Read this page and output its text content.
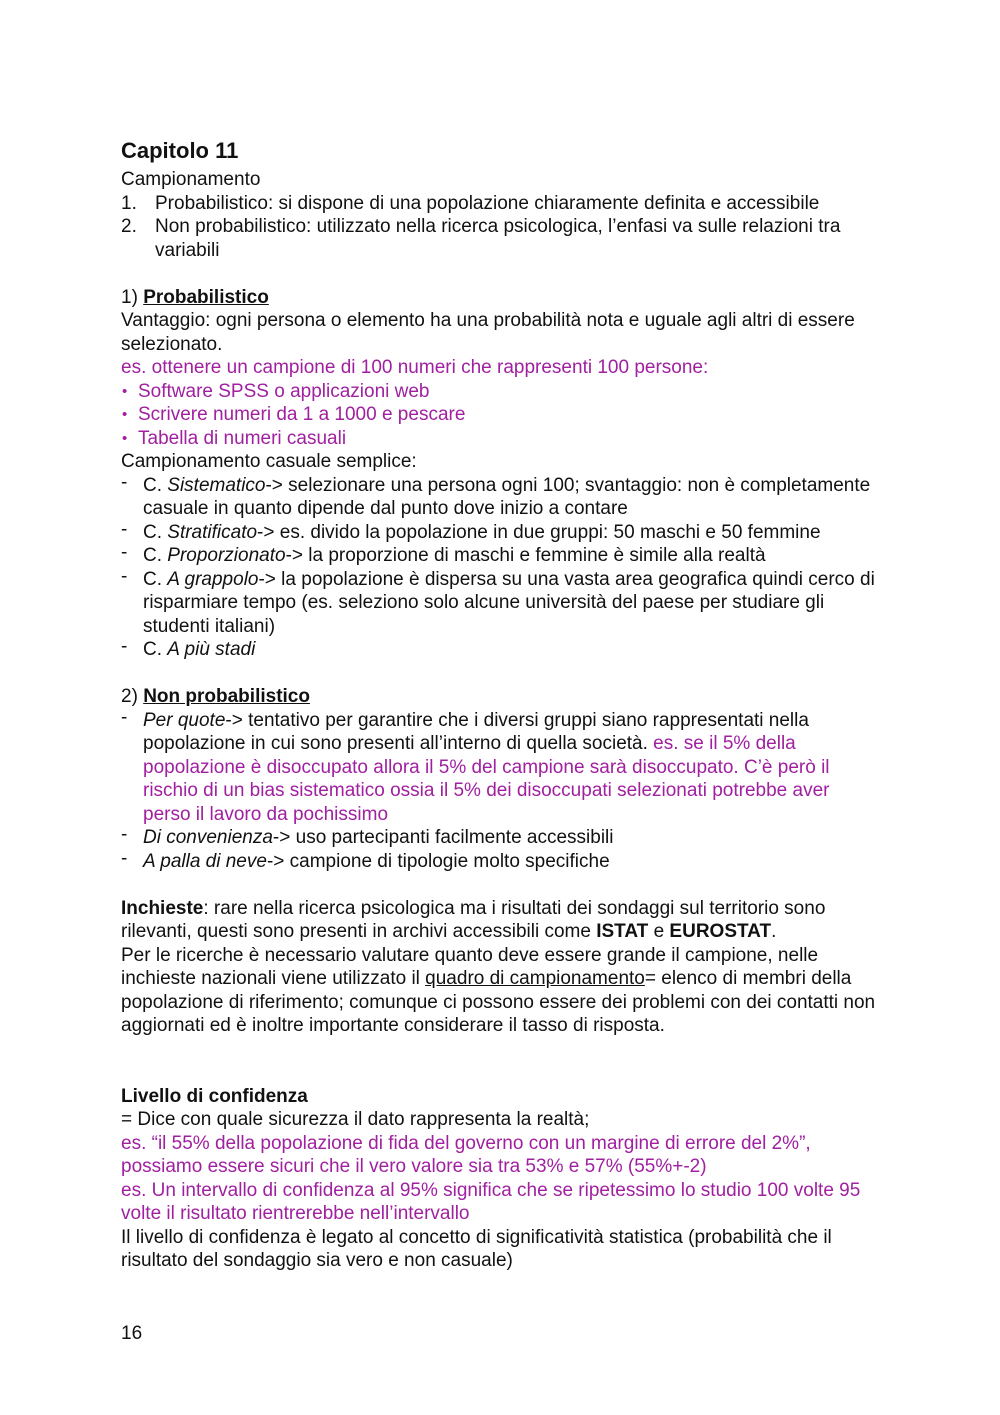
Capitolo 11

Campionamento

1. Probabilistico: si dispone di una popolazione chiaramente definita e accessibile
2. Non probabilistico: utilizzato nella ricerca psicologica, l’enfasi va sulle relazioni tra variabili

1) Probabilistico

Vantaggio: ogni persona o elemento ha una probabilità nota e uguale agli altri di essere selezionato.

es. ottenere un campione di 100 numeri che rappresenti 100 persone:

• Software SPSS o applicazioni web
• Scrivere numeri da 1 a 1000 e pescare
• Tabella di numeri casuali

Campionamento casuale semplice:

- C. Sistematico-> selezionare una persona ogni 100; svantaggio: non è completamente casuale in quanto dipende dal punto dove inizio a contare
- C. Stratificato-> es. divido la popolazione in due gruppi: 50 maschi e 50 femmine
- C. Proporzionato-> la proporzione di maschi e femmine è simile alla realtà
- C. A grappolo-> la popolazione è dispersa su una vasta area geografica quindi cerco di risparmiare tempo (es. seleziono solo alcune università del paese per studiare gli studenti italiani)
- C. A più stadi

2) Non probabilistico

- Per quote-> tentativo per garantire che i diversi gruppi siano rappresentati nella popolazione in cui sono presenti all’interno di quella società. es. se il 5% della popolazione è disoccupato allora il 5% del campione sarà disoccupato. C’è però il rischio di un bias sistematico ossia il 5% dei disoccupati selezionati potrebbe aver perso il lavoro da pochissimo
- Di convenienza-> uso partecipanti facilmente accessibili
- A palla di neve-> campione di tipologie molto specifiche

Inchieste: rare nella ricerca psicologica ma i risultati dei sondaggi sul territorio sono rilevanti, questi sono presenti in archivi accessibili come ISTAT e EUROSTAT.

Per le ricerche è necessario valutare quanto deve essere grande il campione, nelle inchieste nazionali viene utilizzato il quadro di campionamento= elenco di membri della popolazione di riferimento; comunque ci possono essere dei problemi con dei contatti non aggiornati ed è inoltre importante considerare il tasso di risposta.

Livello di confidenza

= Dice con quale sicurezza il dato rappresenta la realtà;

es. “il 55% della popolazione di fida del governo con un margine di errore del 2%”, possiamo essere sicuri che il vero valore sia tra 53% e 57% (55%+-2)

es. Un intervallo di confidenza al 95% significa che se ripetessimo lo studio 100 volte 95 volte il risultato rientrerebbe nell’intervallo

Il livello di confidenza è legato al concetto di significatività statistica (probabilità che il risultato del sondaggio sia vero e non casuale)

16
